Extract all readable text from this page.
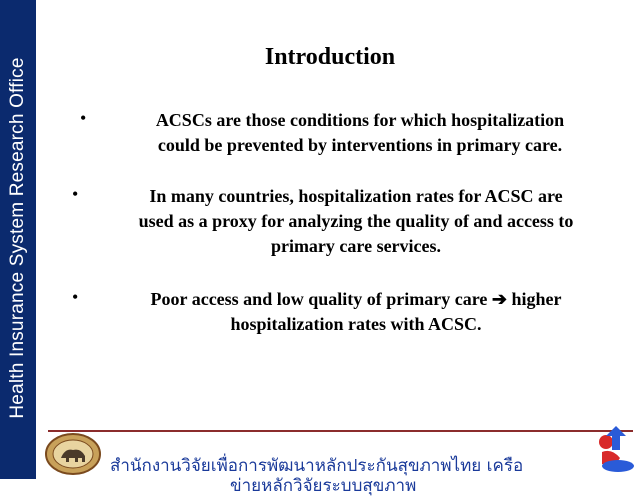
Health Insurance System Research Office
Introduction
•	ACSCs are those conditions for which hospitalization
could be prevented by interventions in primary care.
•	In many countries, hospitalization rates for ACSC are
used as a proxy for analyzing the quality of and access to
primary care services.
•	Poor access and low quality of primary care ➔ higher
hospitalization rates with ACSC.
สำนักงานวิจัยเพื่อการพัฒนาหลักประกันสุขภาพไทย เครือ
ข่ายหลักวิจัยระบบสุขภาพ
